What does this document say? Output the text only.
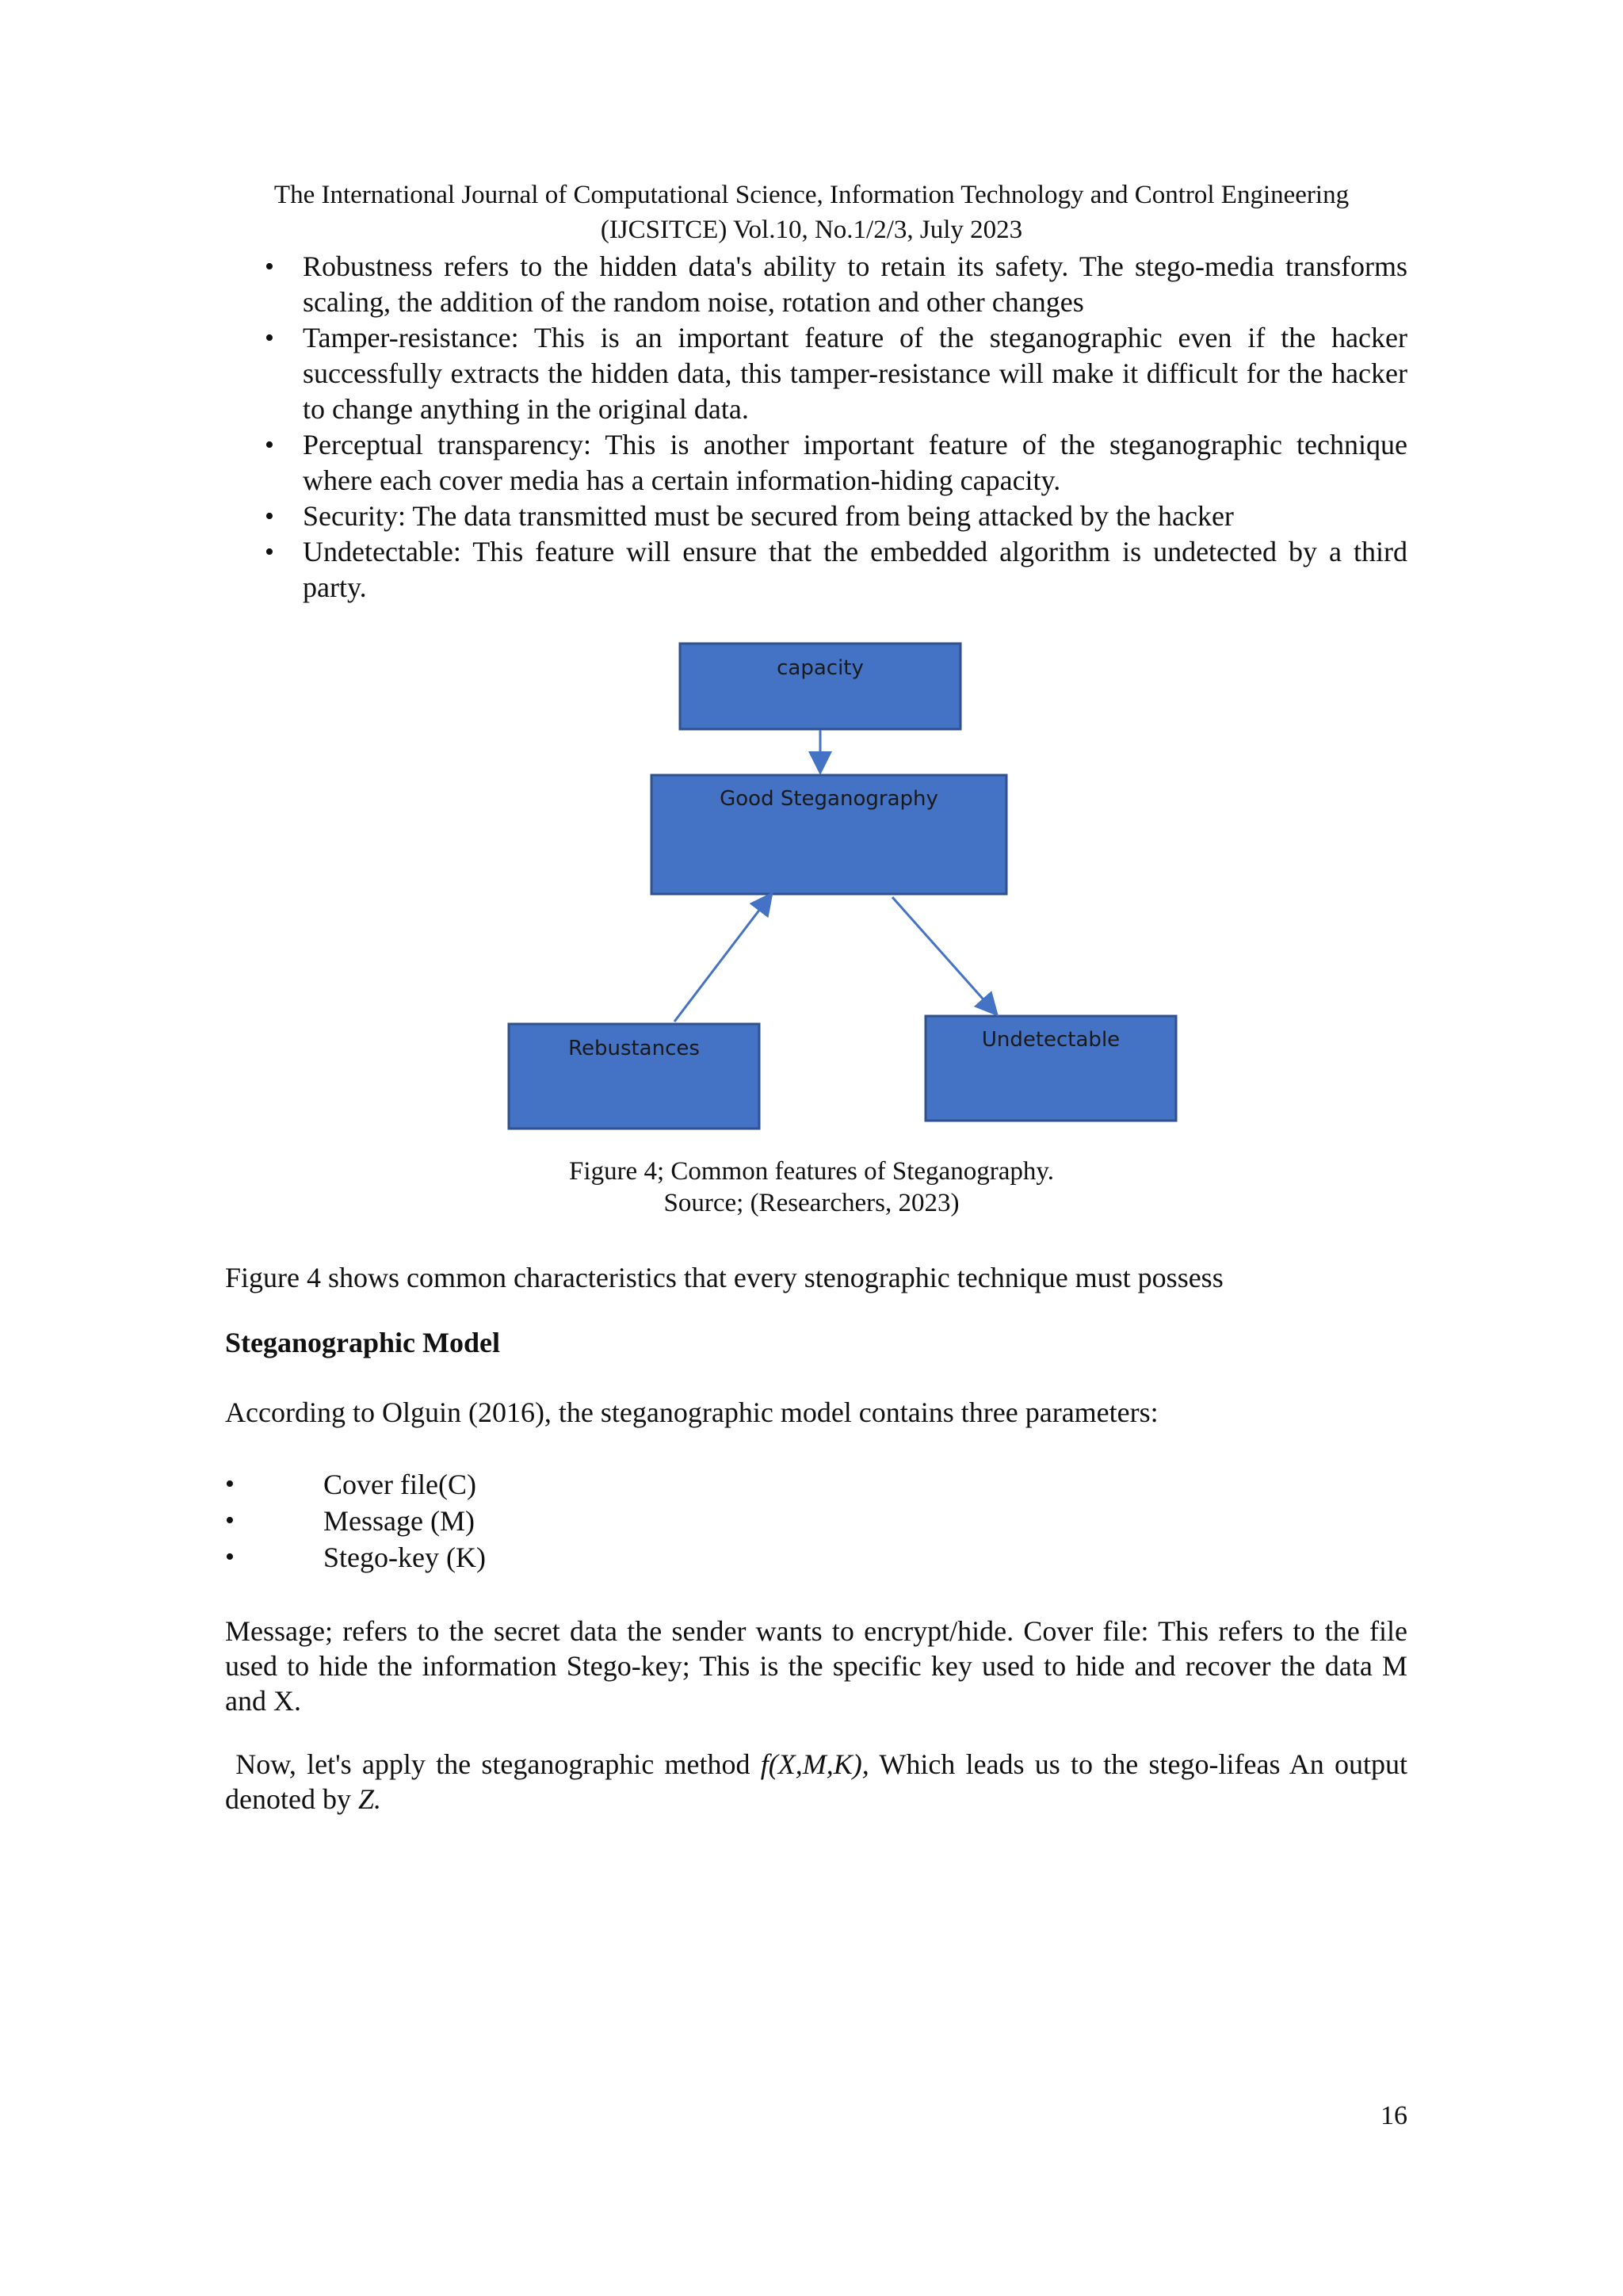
The International Journal of Computational Science, Information Technology and Control Engineering
(IJCSITCE) Vol.10, No.1/2/3, July 2023
• Robustness refers to the hidden data's ability to retain its safety. The stego-media transforms scaling, the addition of the random noise, rotation and other changes
• Tamper-resistance: This is an important feature of the steganographic even if the hacker successfully extracts the hidden data, this tamper-resistance will make it difficult for the hacker to change anything in the original data.
• Perceptual transparency: This is another important feature of the steganographic technique where each cover media has a certain information-hiding capacity.
• Security: The data transmitted must be secured from being attacked by the hacker
• Undetectable: This feature will ensure that the embedded algorithm is undetected by a third party.
capacity
Good Steganography
Rebustances	Undetectable
Figure 4; Common features of Steganography.
Source; (Researchers, 2023)

Figure 4 shows common characteristics that every stenographic technique must possess

Steganographic Model

According to Olguin (2016), the steganographic model contains three parameters:

•	Cover file(C)
•	Message (M)
•	Stego-key (K)

Message; refers to the secret data the sender wants to encrypt/hide. Cover file: This refers to the file used to hide the information Stego-key; This is the specific key used to hide and recover the data M and X.

Now, let's apply the steganographic method f(X,M,K), Which leads us to the stego-lifeas An output denoted by Z.

16
